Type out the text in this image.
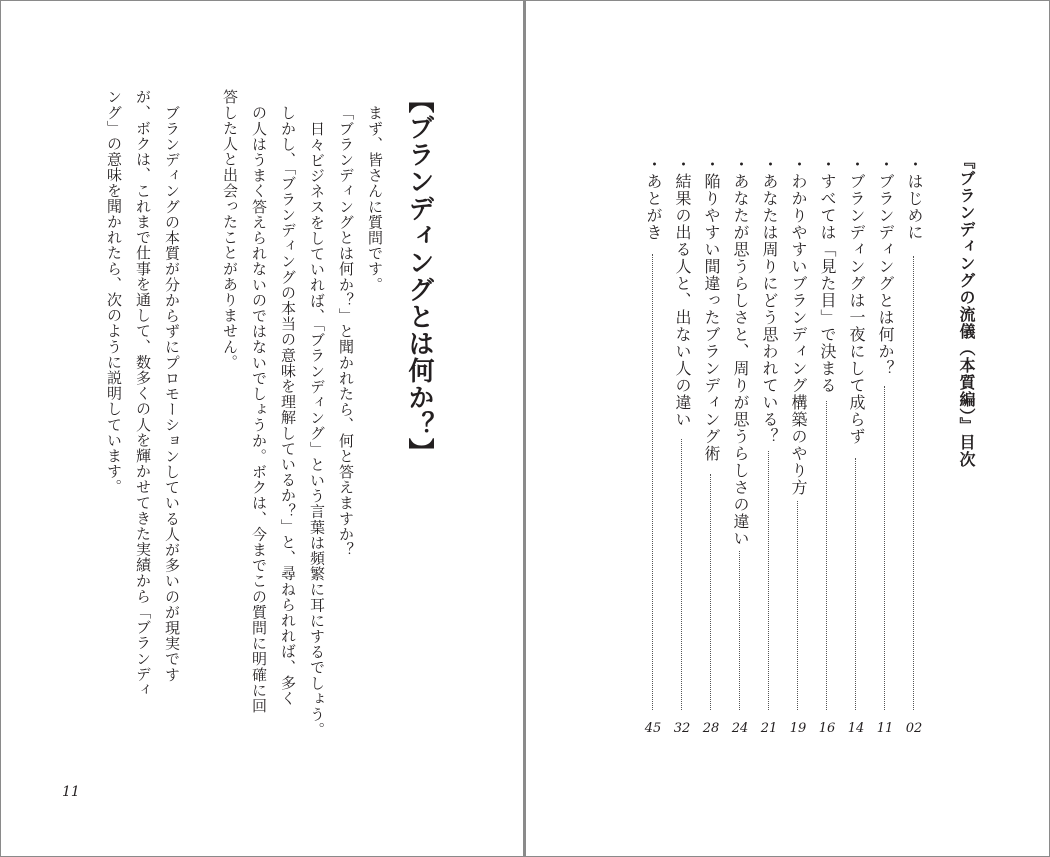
【ブランディングとは何か？】
まず、皆さんに質問です。
「ブランディングとは何か？」と聞かれたら、何と答えますか？
日々ビジネスをしていれば、「ブランディング」という言葉は頻繁に耳にするでしょう。
しかし、「ブランディングの本当の意味を理解しているか？」と、尋ねられれば、多く
の人はうまく答えられないのではないでしょうか。ボクは、今までこの質問に明確に回
答した人と出会ったことがありません。
ブランディングの本質が分からずにプロモーションしている人が多いのが現実です
が、ボクは、これまで仕事を通して、数多くの人を輝かせてきた実績から「ブランディ
ング」の意味を聞かれたら、次のように説明しています。
11
『ブランディングの流儀（本質編）』目次
・はじめに
02
・ブランディングとは何か？
11
・ブランディングは一夜にして成らず
14
・すべては「見た目」で決まる
16
・わかりやすいブランディング構築のやり方
19
・あなたは周りにどう思われている？
21
・あなたが思うらしさと、周りが思うらしさの違い
24
・陥りやすい間違ったブランディング術
28
・結果の出る人と、出ない人の違い
32
・あとがき
45
